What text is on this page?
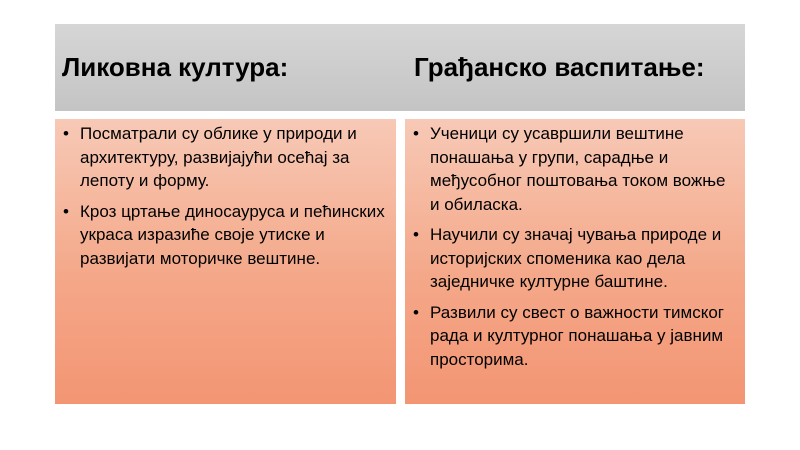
Ликовна култура:	Грађанско васпитање:
• Посматрали су облике у природи и архитектуру, развијајући осећај за лепоту и форму.
• Кроз цртање диносауруса и пећинских украса изразиће своје утиске и развијати моторичке вештине.
• Ученици су усавршили вештине понашања у групи, сарадње и међусобног поштовања током вожње и обиласка.
• Научили су значај чувања природе и историјских споменика као дела заједничке културне баштине.
• Развили су свест о важности тимског рада и културног понашања у јавним просторима.
